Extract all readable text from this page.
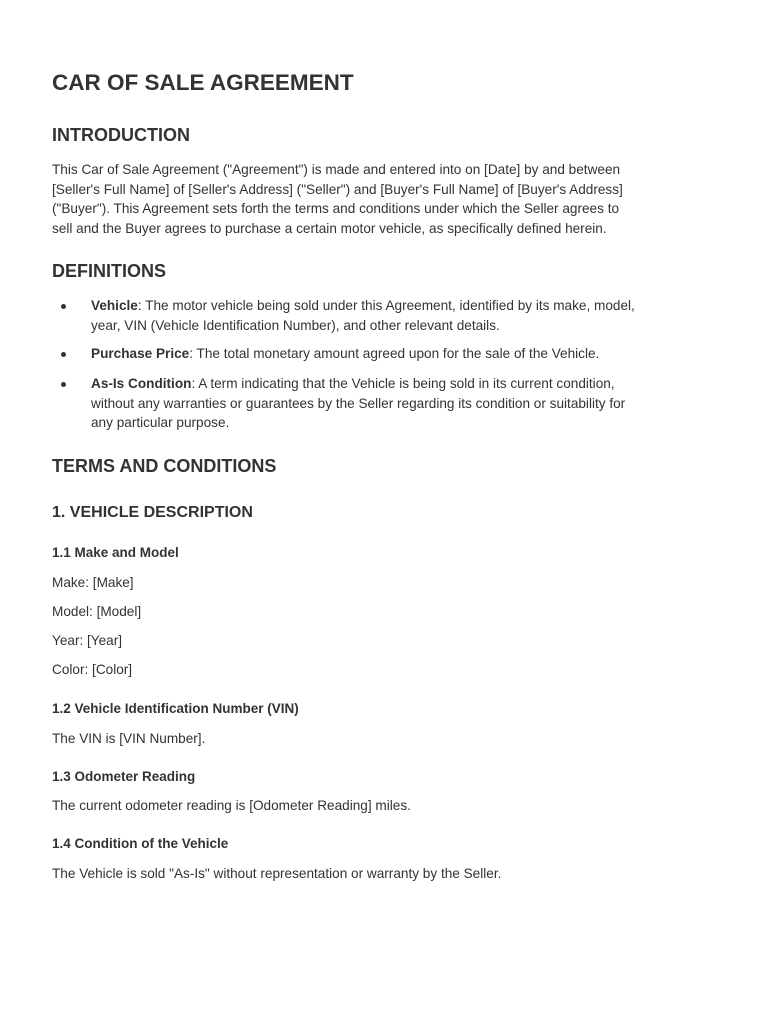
CAR OF SALE AGREEMENT
INTRODUCTION

This Car of Sale Agreement ("Agreement") is made and entered into on [Date] by and between
[Seller's Full Name] of [Seller's Address] ("Seller") and [Buyer's Full Name] of [Buyer's Address]
("Buyer"). This Agreement sets forth the terms and conditions under which the Seller agrees to
sell and the Buyer agrees to purchase a certain motor vehicle, as specifically defined herein.

DEFINITIONS
Vehicle: The motor vehicle being sold under this Agreement, identified by its make, model,
year, VIN (Vehicle Identification Number), and other relevant details.
Purchase Price: The total monetary amount agreed upon for the sale of the Vehicle.
As-Is Condition: A term indicating that the Vehicle is being sold in its current condition,
without any warranties or guarantees by the Seller regarding its condition or suitability for
any particular purpose.
TERMS AND CONDITIONS
1. VEHICLE DESCRIPTION
1.1 Make and Model

Make: [Make]

Model: [Model]

Year: [Year]

Color: [Color]

1.2 Vehicle Identification Number (VIN)

The VIN is [VIN Number].

1.3 Odometer Reading

The current odometer reading is [Odometer Reading] miles.

1.4 Condition of the Vehicle

The Vehicle is sold "As-Is" without representation or warranty by the Seller.
